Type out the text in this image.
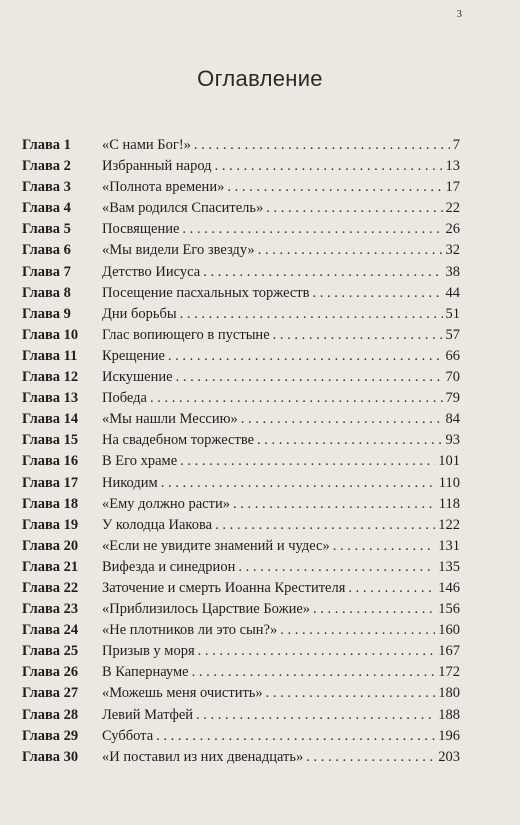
3
Оглавление
Глава 1	«С нами Бог!» . . .	7
Глава 2	Избранный народ . . .	13
Глава 3	«Полнота времени» . . .	17
Глава 4	«Вам родился Спаситель» . . .	22
Глава 5	Посвящение . . .	26
Глава 6	«Мы видели Его звезду» . . .	32
Глава 7	Детство Иисуса . . .	38
Глава 8	Посещение пасхальных торжеств . . .	44
Глава 9	Дни борьбы . . .	51
Глава 10	Глас вопиющего в пустыне . . .	57
Глава 11	Крещение . . .	66
Глава 12	Искушение . . .	70
Глава 13	Победа . . .	79
Глава 14	«Мы нашли Мессию» . . .	84
Глава 15	На свадебном торжестве . . .	93
Глава 16	В Его храме . . .	101
Глава 17	Никодим . . .	110
Глава 18	«Ему должно расти» . . .	118
Глава 19	У колодца Иакова . . .	122
Глава 20	«Если не увидите знамений и чудес» . . .	131
Глава 21	Вифезда и синедрион . . .	135
Глава 22	Заточение и смерть Иоанна Крестителя . . .	146
Глава 23	«Приблизилось Царствие Божие» . . .	156
Глава 24	«Не плотников ли это сын?» . . .	160
Глава 25	Призыв у моря . . .	167
Глава 26	В Капернауме . . .	172
Глава 27	«Можешь меня очистить» . . .	180
Глава 28	Левий Матфей . . .	188
Глава 29	Суббота . . .	196
Глава 30	«И поставил из них двенадцать» . . .	203
